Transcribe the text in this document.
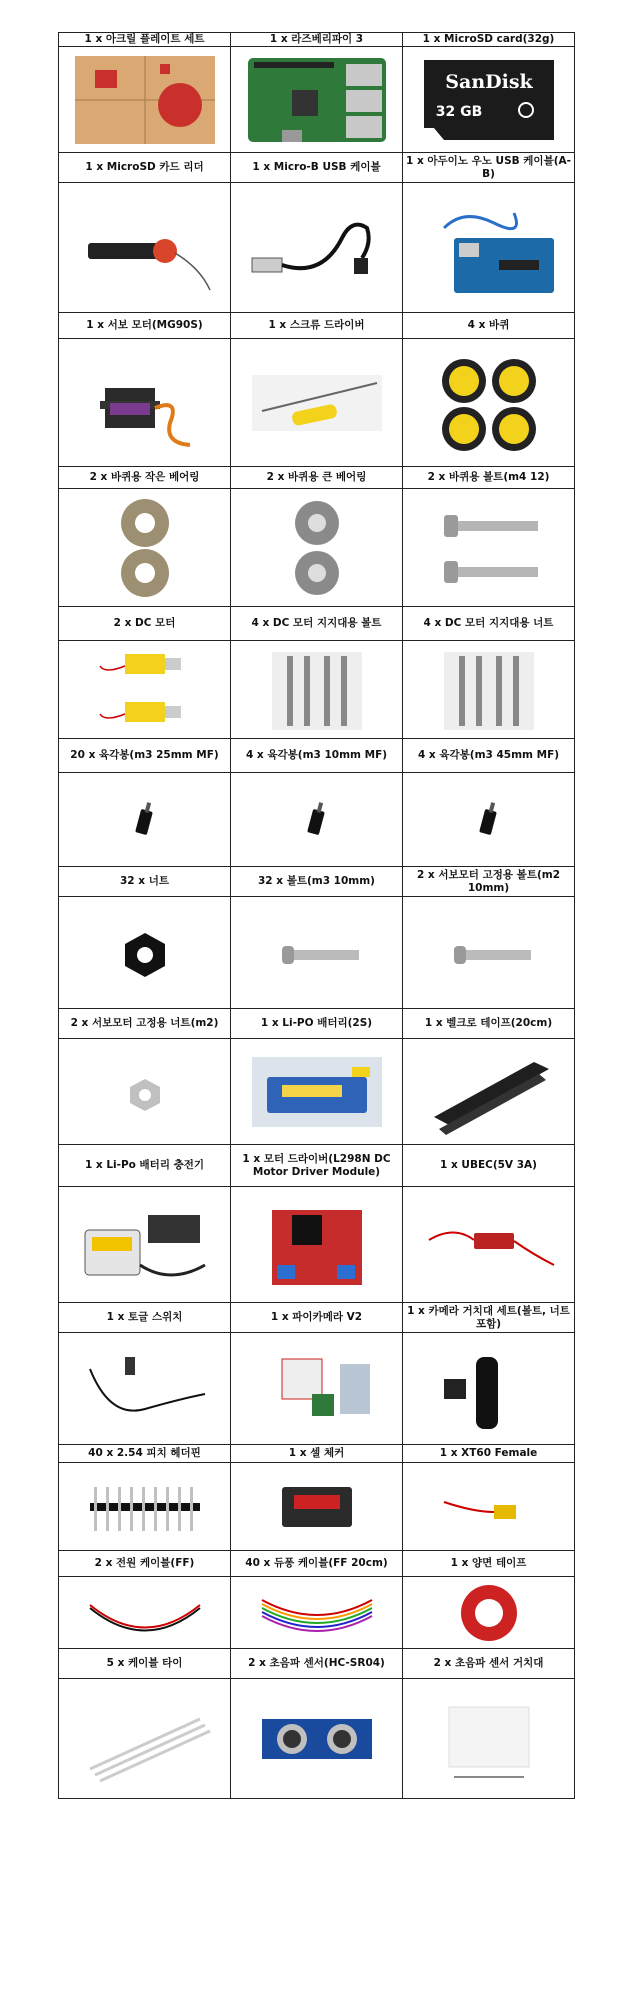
1 x 아크릴 플레이트 세트	1 x 라즈베리파이 3	1 x MicroSD card(32g)

SanDisk
32 GB

1 x MicroSD 카드 리더	1 x Micro-B USB 케이블	1 x 아두이노 우노 USB 케이블(A-B)

1 x 서보 모터(MG90S)	1 x 스크류 드라이버	4 x 바퀴

2 x 바퀴용 작은 베어링	2 x 바퀴용 큰 베어링	2 x 바퀴용 볼트(m4 12)

2 x DC 모터	4 x DC 모터 지지대용 볼트	4 x DC 모터 지지대용 너트

20 x 육각봉(m3 25mm MF)	4 x 육각봉(m3 10mm MF)	4 x 육각봉(m3 45mm MF)

32 x 너트	32 x 볼트(m3 10mm)	2 x 서보모터 고정용 볼트(m2 10mm)

2 x 서보모터 고정용 너트(m2)	1 x Li-PO 배터리(2S)	1 x 벨크로 테이프(20cm)

1 x Li-Po 배터리 충전기	1 x 모터 드라이버(L298N DC Motor Driver Module)	1 x UBEC(5V 3A)

1 x 토글 스위치	1 x 파이카메라 V2	1 x 카메라 거치대 세트(볼트, 너트 포함)

40 x 2.54 피치 헤더핀	1 x 셀 체커	1 x XT60 Female

2 x 전원 케이블(FF)	40 x 듀퐁 케이블(FF 20cm)	1 x 양면 테이프

5 x 케이블 타이	2 x 초음파 센서(HC-SR04)	2 x 초음파 센서 거치대
